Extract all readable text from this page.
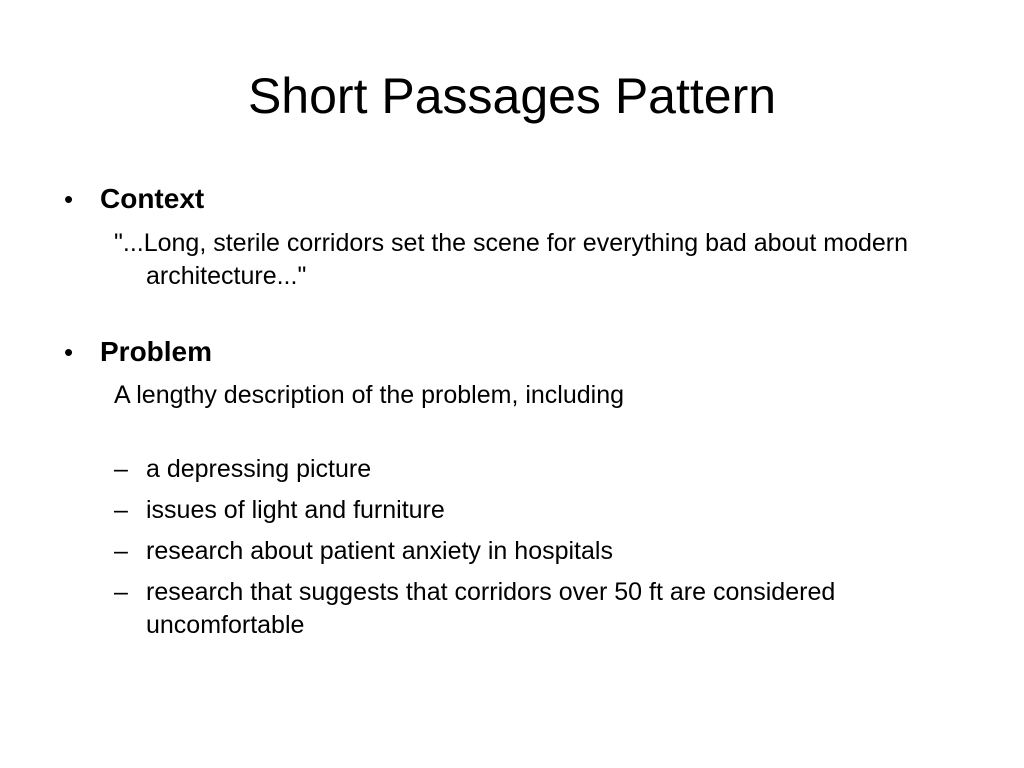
Short Passages Pattern
• Context
"...Long, sterile corridors set the scene for everything bad about modern architecture..."
• Problem
A lengthy description of the problem, including
– a depressing picture
– issues of light and furniture
– research about patient anxiety in hospitals
– research that suggests that corridors over 50 ft are considered uncomfortable
